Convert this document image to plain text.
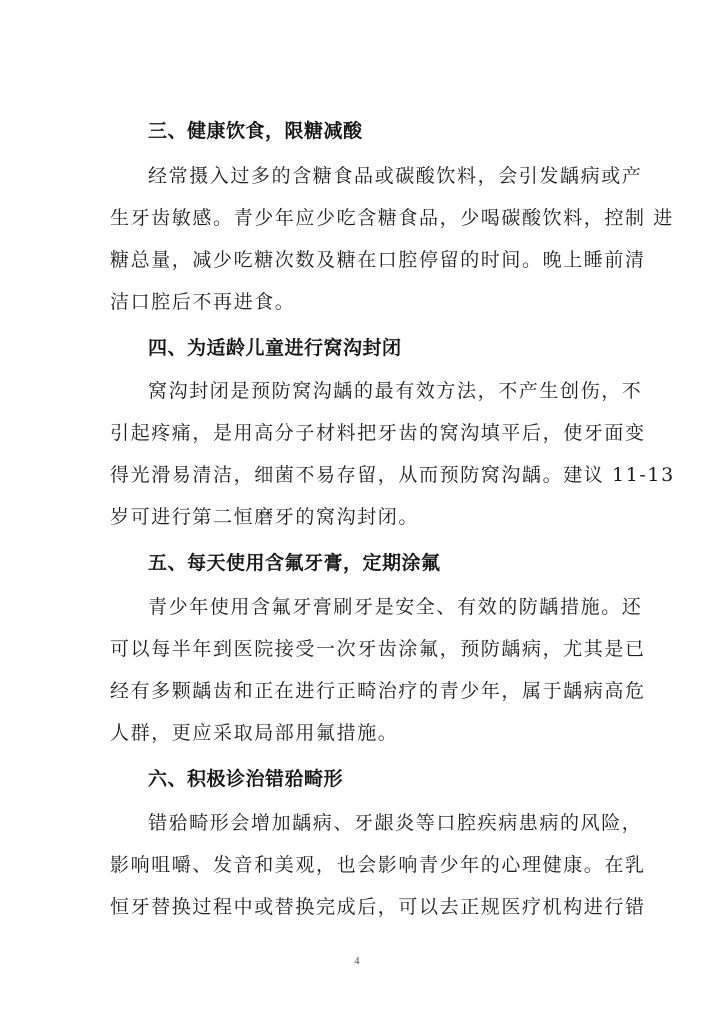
三、健康饮食，限糖减酸
经常摄入过多的含糖食品或碳酸饮料，会引发龋病或产
生牙齿敏感。青少年应少吃含糖食品，少喝碳酸饮料，控制 进
糖总量，减少吃糖次数及糖在口腔停留的时间。晚上睡前清
洁口腔后不再进食。
四、为适龄儿童进行窝沟封闭
窝沟封闭是预防窝沟龋的最有效方法，不产生创伤，不
引起疼痛，是用高分子材料把牙齿的窝沟填平后，使牙面变
得光滑易清洁，细菌不易存留，从而预防窝沟龋。建议 11-13
岁可进行第二恒磨牙的窝沟封闭。
五、每天使用含氟牙膏，定期涂氟
青少年使用含氟牙膏刷牙是安全、有效的防龋措施。还
可以每半年到医院接受一次牙齿涂氟，预防龋病，尤其是已
经有多颗龋齿和正在进行正畸治疗的青少年，属于龋病高危
人群，更应采取局部用氟措施。
六、积极诊治错𬌗畸形
错𬌗畸形会增加龋病、牙龈炎等口腔疾病患病的风险，
影响咀嚼、发音和美观，也会影响青少年的心理健康。在乳
恒牙替换过程中或替换完成后，可以去正规医疗机构进行错
4
